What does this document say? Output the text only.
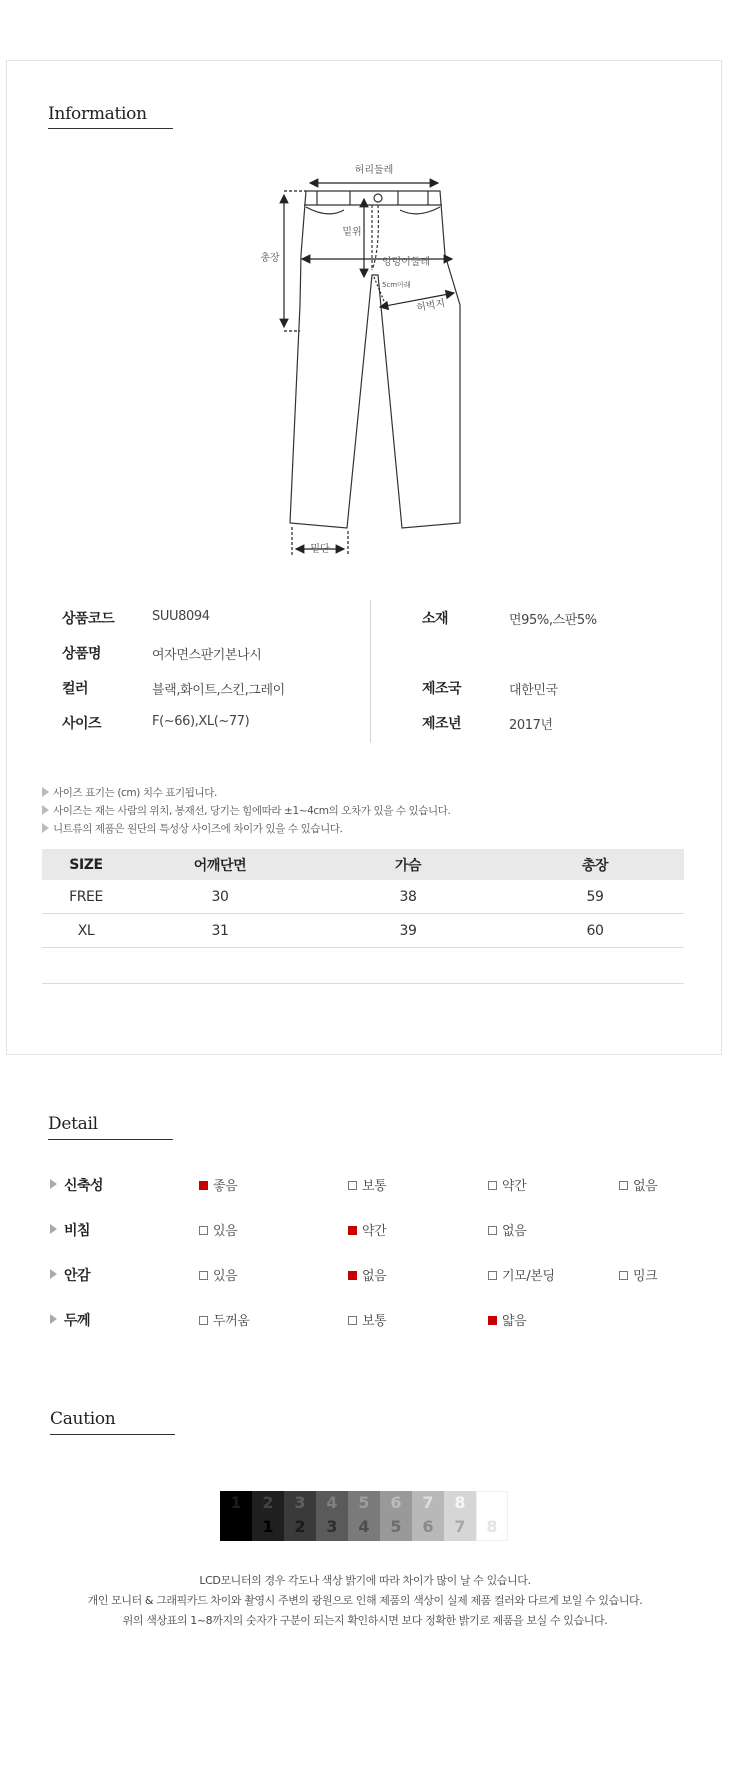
Information
허리둘레
총장
밑위
엉덩이둘레
5cm아래
허벅지
밑단
상품코드	SUU8094
상품명	여자면스판기본나시
컬러	블랙,화이트,스킨,그레이
사이즈	F(~66),XL(~77)
소재	면95%,스판5%
제조국	대한민국
제조년	2017년
사이즈 표기는 (cm) 치수 표기됩니다.
사이즈는 재는 사람의 위치, 봉재선, 당기는 힘에따라 ±1~4cm의 오차가 있을 수 있습니다.
니트류의 제품은 원단의 특성상 사이즈에 차이가 있을 수 있습니다.
SIZE	어깨단면	가슴	총장
FREE	30	38	59
XL	31	39	60
Detail
신축성	좋음	보통	약간	없음
비침	있음	약간	없음
안감	있음	없음	기모/본딩	밍크
두께	두꺼움	보통	얇음
Caution
1	2
1
3
2
4
3
5
4
6
5
7
6
8
7	8
LCD모니터의 경우 각도나 색상 밝기에 따라 차이가 많이 날 수 있습니다.
개인 모니터 & 그래픽카드 차이와 촬영시 주변의 광원으로 인해 제품의 색상이 실제 제품 컬러와 다르게 보일 수 있습니다.
위의 색상표의 1~8까지의 숫자가 구분이 되는지 확인하시면 보다 정확한 밝기로 제품을 보실 수 있습니다.
